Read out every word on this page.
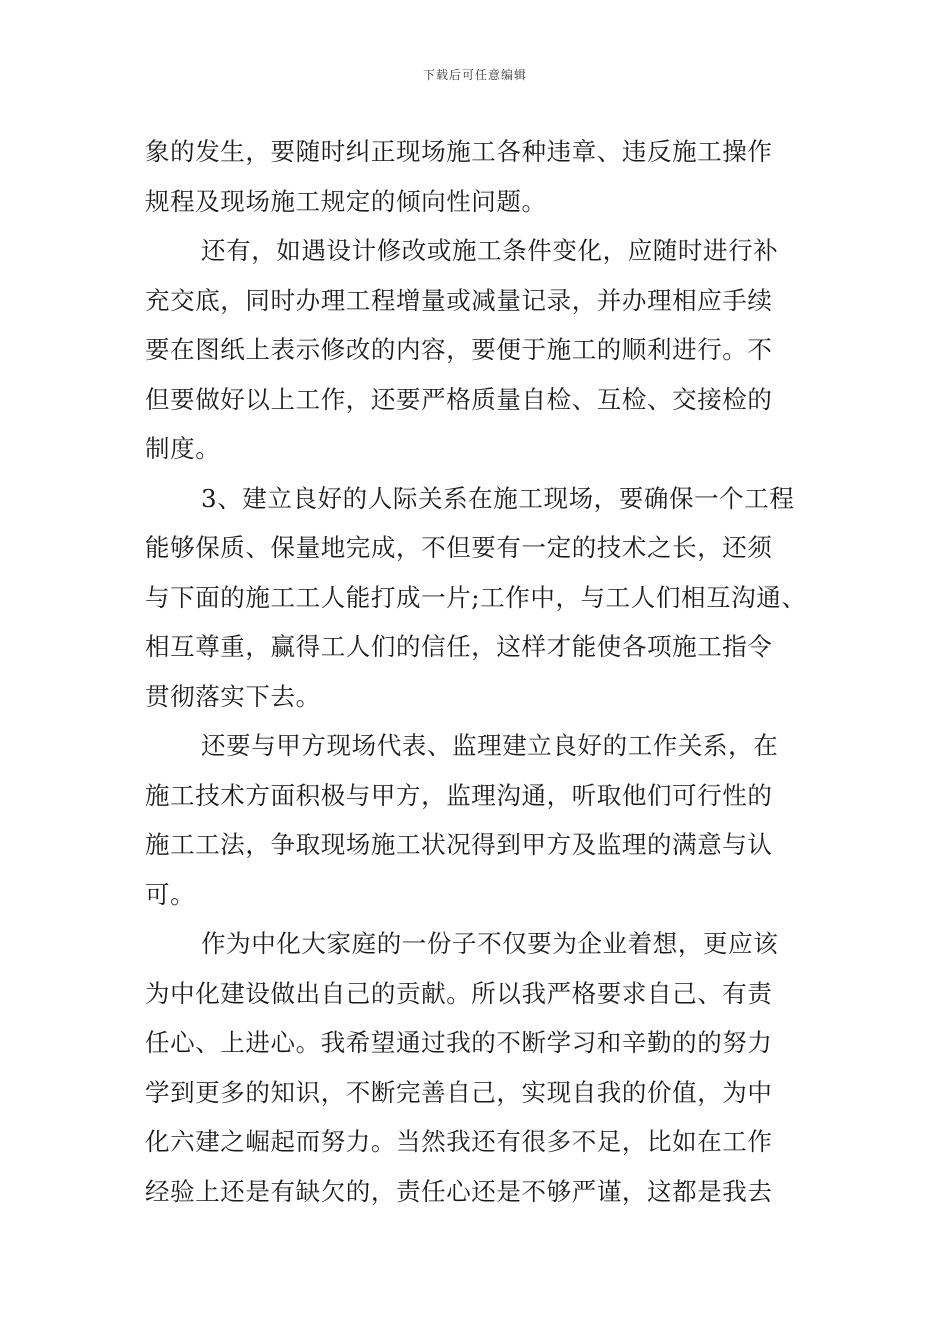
下载后可任意编辑
象的发生，要随时纠正现场施工各种违章、违反施工操作
规程及现场施工规定的倾向性问题。
还有，如遇设计修改或施工条件变化，应随时进行补
充交底，同时办理工程增量或减量记录，并办理相应手续
要在图纸上表示修改的内容，要便于施工的顺利进行。不
但要做好以上工作，还要严格质量自检、互检、交接检的
制度。
3、建立良好的人际关系在施工现场，要确保一个工程
能够保质、保量地完成，不但要有一定的技术之长，还须
与下面的施工工人能打成一片;工作中，与工人们相互沟通、
相互尊重，赢得工人们的信任，这样才能使各项施工指令
贯彻落实下去。
还要与甲方现场代表、监理建立良好的工作关系，在
施工技术方面积极与甲方，监理沟通，听取他们可行性的
施工工法，争取现场施工状况得到甲方及监理的满意与认
可。
作为中化大家庭的一份子不仅要为企业着想，更应该
为中化建设做出自己的贡献。所以我严格要求自己、有责
任心、上进心。我希望通过我的不断学习和辛勤的的努力
学到更多的知识，不断完善自己，实现自我的价值，为中
化六建之崛起而努力。当然我还有很多不足，比如在工作
经验上还是有缺欠的，责任心还是不够严谨，这都是我去
